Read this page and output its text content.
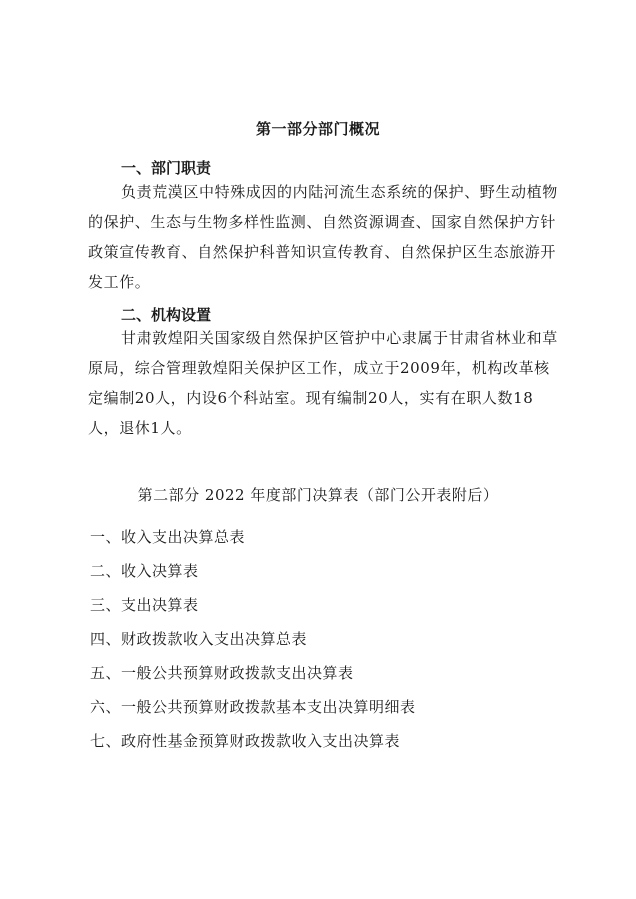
第一部分部门概况
一、部门职责
负责荒漠区中特殊成因的内陆河流生态系统的保护、野生动植物的保护、生态与生物多样性监测、自然资源调查、国家自然保护方针政策宣传教育、自然保护科普知识宣传教育、自然保护区生态旅游开发工作。
二、机构设置
甘肃敦煌阳关国家级自然保护区管护中心隶属于甘肃省林业和草原局，综合管理敦煌阳关保护区工作，成立于2009年，机构改革核定编制20人，内设6个科站室。现有编制20人，实有在职人数18人，退休1人。
第二部分 2022 年度部门决算表（部门公开表附后）
一、收入支出决算总表
二、收入决算表
三、支出决算表
四、财政拨款收入支出决算总表
五、一般公共预算财政拨款支出决算表
六、一般公共预算财政拨款基本支出决算明细表
七、政府性基金预算财政拨款收入支出决算表
